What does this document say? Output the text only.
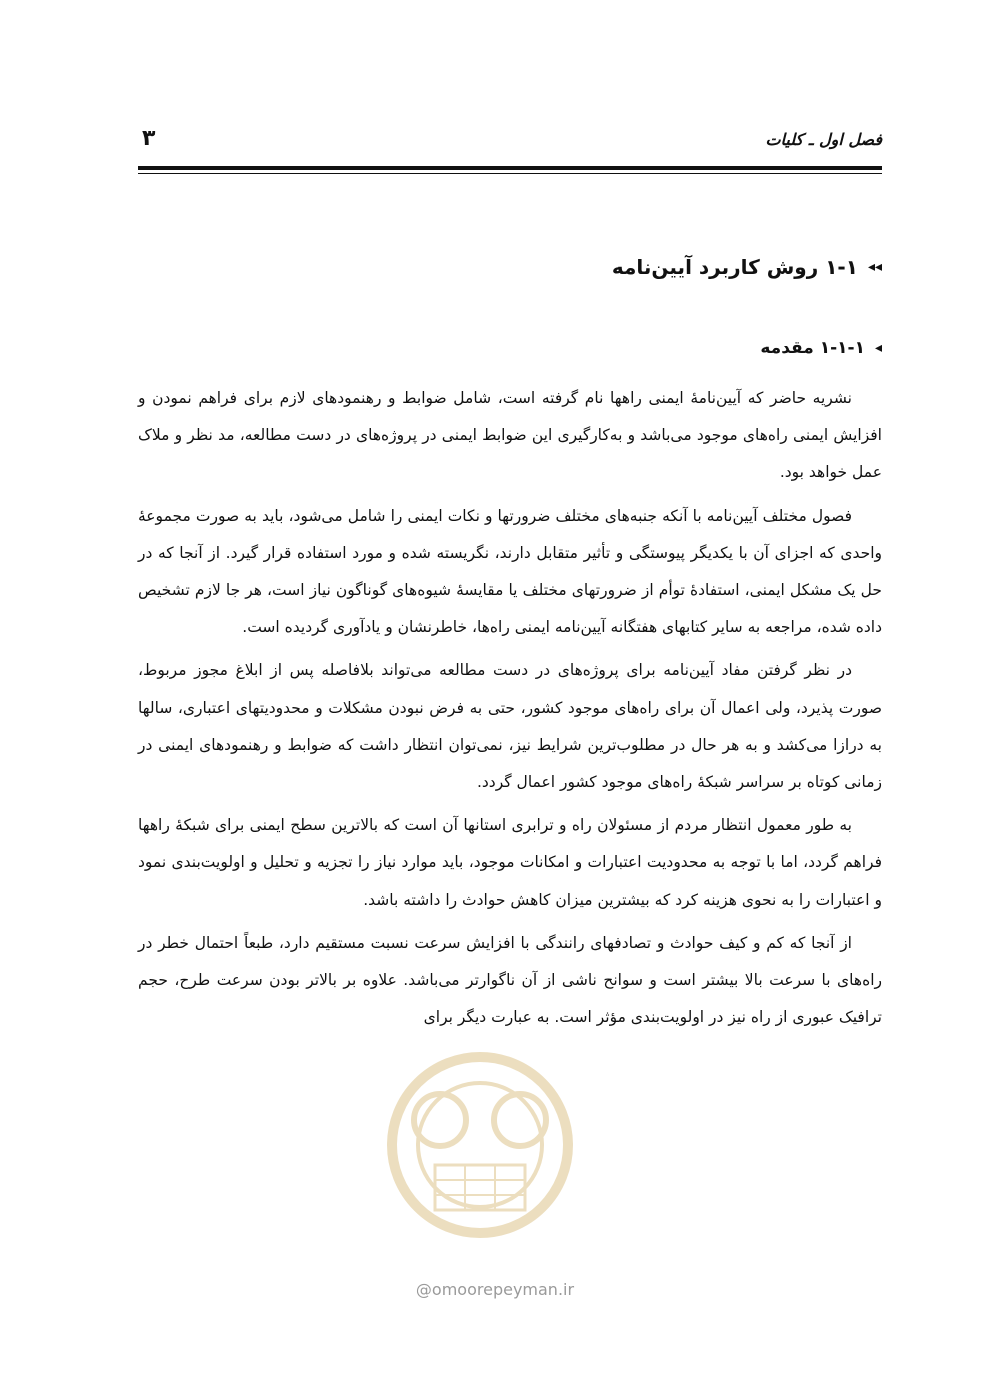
فصل اول ـ کلیات
۳
◂◂
۱-۱ روش کاربرد آیین‌نامه
◂
۱-۱-۱ مقدمه

نشریه حاضر که آیین‌نامهٔ ایمنی راهها نام گرفته است، شامل ضوابط و رهنمودهای لازم برای فراهم نمودن و افزایش ایمنی راه‌های موجود می‌باشد و به‌کارگیری این ضوابط ایمنی در پروژه‌های در دست مطالعه، مد نظر و ملاک عمل خواهد بود.

فصول مختلف آیین‌نامه با آنکه جنبه‌های مختلف ضرورتها و نکات ایمنی را شامل می‌شود، باید به صورت مجموعهٔ واحدی که اجزای آن با یکدیگر پیوستگی و تأثیر متقابل دارند، نگریسته شده و مورد استفاده قرار گیرد. از آنجا که در حل یک مشکل ایمنی، استفادهٔ توأم از ضرورتهای مختلف یا مقایسهٔ شیوه‌های گوناگون نیاز است، هر جا لازم تشخیص داده شده، مراجعه به سایر کتابهای هفتگانه آیین‌نامه ایمنی راه‌ها، خاطرنشان و یادآوری گردیده است.

در نظر گرفتن مفاد آیین‌نامه برای پروژه‌های در دست مطالعه می‌تواند بلافاصله پس از ابلاغ مجوز مربوط، صورت پذیرد، ولی اعمال آن برای راه‌های موجود کشور، حتی به فرض نبودن مشکلات و محدودیتهای اعتباری، سالها به درازا می‌کشد و به هر حال در مطلوب‌ترین شرایط نیز، نمی‌توان انتظار داشت که ضوابط و رهنمودهای ایمنی در زمانی کوتاه بر سراسر شبکهٔ راه‌های موجود کشور اعمال گردد.

به طور معمول انتظار مردم از مسئولان راه و ترابری استانها آن است که بالاترین سطح ایمنی برای شبکهٔ راهها فراهم گردد، اما با توجه به محدودیت اعتبارات و امکانات موجود، باید موارد نیاز را تجزیه و تحلیل و اولویت‌بندی نمود و اعتبارات را به نحوی هزینه کرد که بیشترین میزان کاهش حوادث را داشته باشد.

از آنجا که کم و کیف حوادث و تصادفهای رانندگی با افزایش سرعت نسبت مستقیم دارد، طبعاً احتمال خطر در راه‌های با سرعت بالا بیشتر است و سوانح ناشی از آن ناگوارتر می‌باشد. علاوه بر بالاتر بودن سرعت طرح، حجم ترافیک عبوری از راه نیز در اولویت‌بندی مؤثر است. به عبارت دیگر برای

@omoorepeyman.ir
